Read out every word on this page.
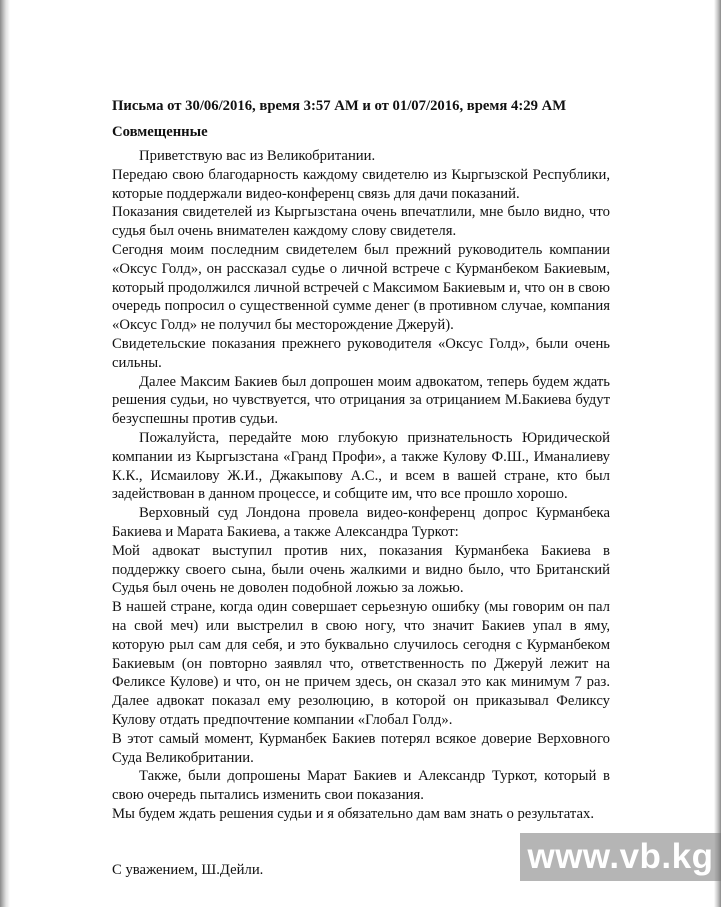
Письма от 30/06/2016, время 3:57 AM и от 01/07/2016, время 4:29 AM
Совмещенные

Приветствую вас из Великобритании.

Передаю свою благодарность каждому свидетелю из Кыргызской Республики, которые поддержали видео-конференц связь для дачи показаний.

Показания свидетелей из Кыргызстана очень впечатлили, мне было видно, что судья был очень внимателен каждому слову свидетеля.

Сегодня моим последним свидетелем был прежний руководитель компании «Оксус Голд», он рассказал судье о личной встрече с Курманбеком Бакиевым, который продолжился личной встречей с Максимом Бакиевым и, что он в свою очередь попросил о существенной сумме денег (в противном случае, компания «Оксус Голд» не получил бы месторождение Джеруй).

Свидетельские показания прежнего руководителя «Оксус Голд», были очень сильны.

Далее Максим Бакиев был допрошен моим адвокатом, теперь будем ждать решения судьи, но чувствуется, что отрицания за отрицанием М.Бакиева будут безуспешны против судьи.

Пожалуйста, передайте мою глубокую признательность Юридической компании из Кыргызстана «Гранд Профи», а также Кулову Ф.Ш., Иманалиеву К.К., Исмаилову Ж.И., Джакыпову А.С., и всем в вашей стране, кто был задействован в данном процессе, и собщите им, что все прошло хорошо.

Верховный суд Лондона провела видео-конференц допрос Курманбека Бакиева и Марата Бакиева, а также Александра Туркот:

Мой адвокат выступил против них, показания Курманбека Бакиева в поддержку своего сына, были очень жалкими и видно было, что Британский Судья был очень не доволен подобной ложью за ложью.

В нашей стране, когда один совершает серьезную ошибку (мы говорим он пал на свой меч) или выстрелил в свою ногу, что значит Бакиев упал в яму, которую рыл сам для себя, и это буквально случилось сегодня с Курманбеком Бакиевым (он повторно заявлял что, ответственность по Джеруй лежит на Феликсе Кулове) и что, он не причем здесь, он сказал это как минимум 7 раз. Далее адвокат показал ему резолюцию, в которой он приказывал Феликсу Кулову отдать предпочтение компании «Глобал Голд».

В этот самый момент, Курманбек Бакиев потерял всякое доверие Верховного Суда Великобритании.

Также, были допрошены Марат Бакиев и Александр Туркот, который в свою очередь пытались изменить свои показания.

Мы будем ждать решения судьи и я обязательно дам вам знать о результатах.

С уважением, Ш.Дейли.	www.vb.kg
